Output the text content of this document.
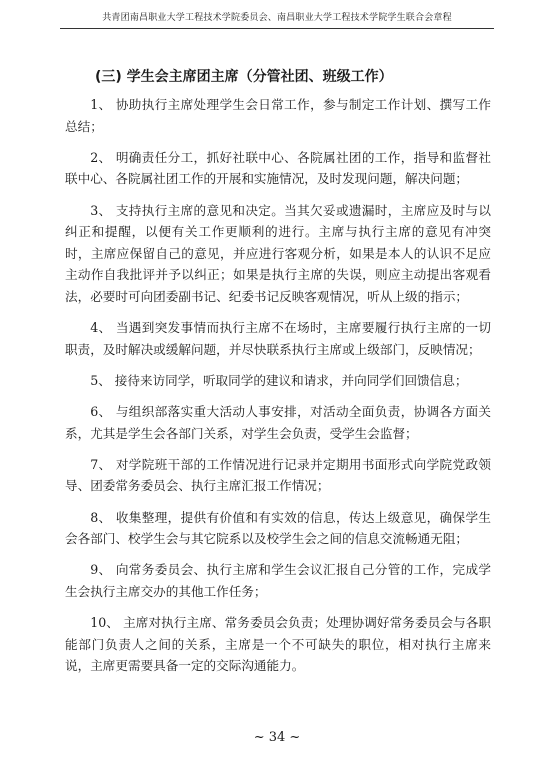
共青团南昌职业大学工程技术学院委员会、南昌职业大学工程技术学院学生联合会章程
(三) 学生会主席团主席（分管社团、班级工作）

1、 协助执行主席处理学生会日常工作，参与制定工作计划、撰写工作总结；

2、 明确责任分工，抓好社联中心、各院属社团的工作，指导和监督社联中心、各院属社团工作的开展和实施情况，及时发现问题，解决问题；

3、 支持执行主席的意见和决定。当其欠妥或遗漏时，主席应及时与以纠正和提醒，以便有关工作更顺利的进行。主席与执行主席的意见有冲突时，主席应保留自己的意见，并应进行客观分析，如果是本人的认识不足应主动作自我批评并予以纠正；如果是执行主席的失误，则应主动提出客观看法，必要时可向团委副书记、纪委书记反映客观情况，听从上级的指示；

4、 当遇到突发事情而执行主席不在场时，主席要履行执行主席的一切职责，及时解决或缓解问题，并尽快联系执行主席或上级部门，反映情况；

5、 接待来访同学，听取同学的建议和请求，并向同学们回馈信息；

6、 与组织部落实重大活动人事安排，对活动全面负责，协调各方面关系，尤其是学生会各部门关系，对学生会负责，受学生会监督；

7、 对学院班干部的工作情况进行记录并定期用书面形式向学院党政领导、团委常务委员会、执行主席汇报工作情况；

8、 收集整理，提供有价值和有实效的信息，传达上级意见，确保学生会各部门、校学生会与其它院系以及校学生会之间的信息交流畅通无阻；

9、 向常务委员会、执行主席和学生会议汇报自己分管的工作，完成学生会执行主席交办的其他工作任务；

10、 主席对执行主席、常务委员会负责；处理协调好常务委员会与各职能部门负责人之间的关系，主席是一个不可缺失的职位，相对执行主席来说，主席更需要具备一定的交际沟通能力。

~ 34 ~
